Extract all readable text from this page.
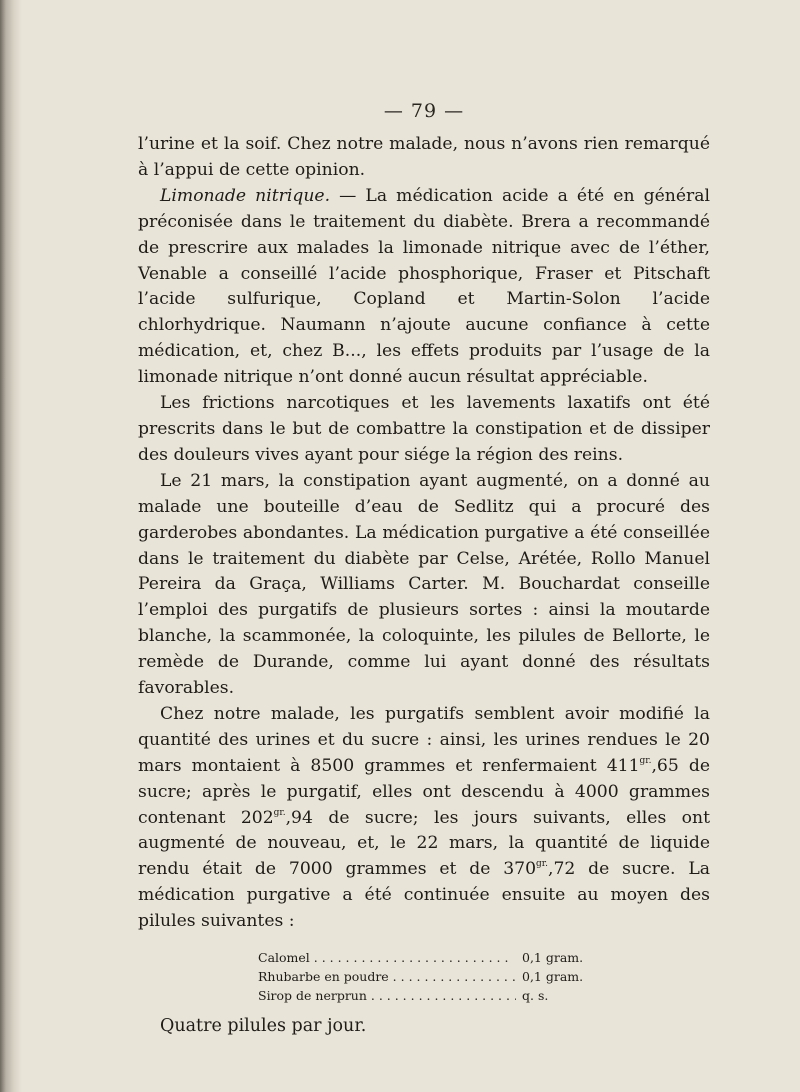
— 79 —

l’urine et la soif. Chez notre malade, nous n’avons rien remarqué à l’appui de cette opinion.

Limonade nitrique. — La médication acide a été en général préconisée dans le traitement du diabète. Brera a recommandé de prescrire aux malades la limonade nitrique avec de l’éther, Venable a conseillé l’acide phosphorique, Fraser et Pitschaft l’acide sulfurique, Copland et Martin-Solon l’acide chlorhydrique. Naumann n’ajoute aucune confiance à cette médication, et, chez B..., les effets produits par l’usage de la limonade nitrique n’ont donné aucun résultat appréciable.

Les frictions narcotiques et les lavements laxatifs ont été prescrits dans le but de combattre la constipation et de dissiper des douleurs vives ayant pour siége la région des reins.

Le 21 mars, la constipation ayant augmenté, on a donné au malade une bouteille d’eau de Sedlitz qui a procuré des garderobes abondantes. La médication purgative a été conseillée dans le traitement du diabète par Celse, Arétée, Rollo Manuel Pereira da Graça, Williams Carter. M. Bouchardat conseille l’emploi des purgatifs de plusieurs sortes : ainsi la moutarde blanche, la scammonée, la coloquinte, les pilules de Bellorte, le remède de Durande, comme lui ayant donné des résultats favorables.

Chez notre malade, les purgatifs semblent avoir modifié la quantité des urines et du sucre : ainsi, les urines rendues le 20 mars montaient à 8500 grammes et renfermaient $411^{gr.},65$ de sucre; après le purgatif, elles ont descendu à 4000 grammes contenant $202^{gr.},94$ de sucre; les jours suivants, elles ont augmenté de nouveau, et, le 22 mars, la quantité de liquide rendu était de 7000 grammes et de $370^{gr.},72$ de sucre. La médication purgative a été continuée ensuite au moyen des pilules suivantes :

Calomel . . .	0,1 gram.
Rhubarbe en poudre . . .	0,1 gram.
Sirop de nerprun . . .	q. s.
Quatre pilules par jour.
